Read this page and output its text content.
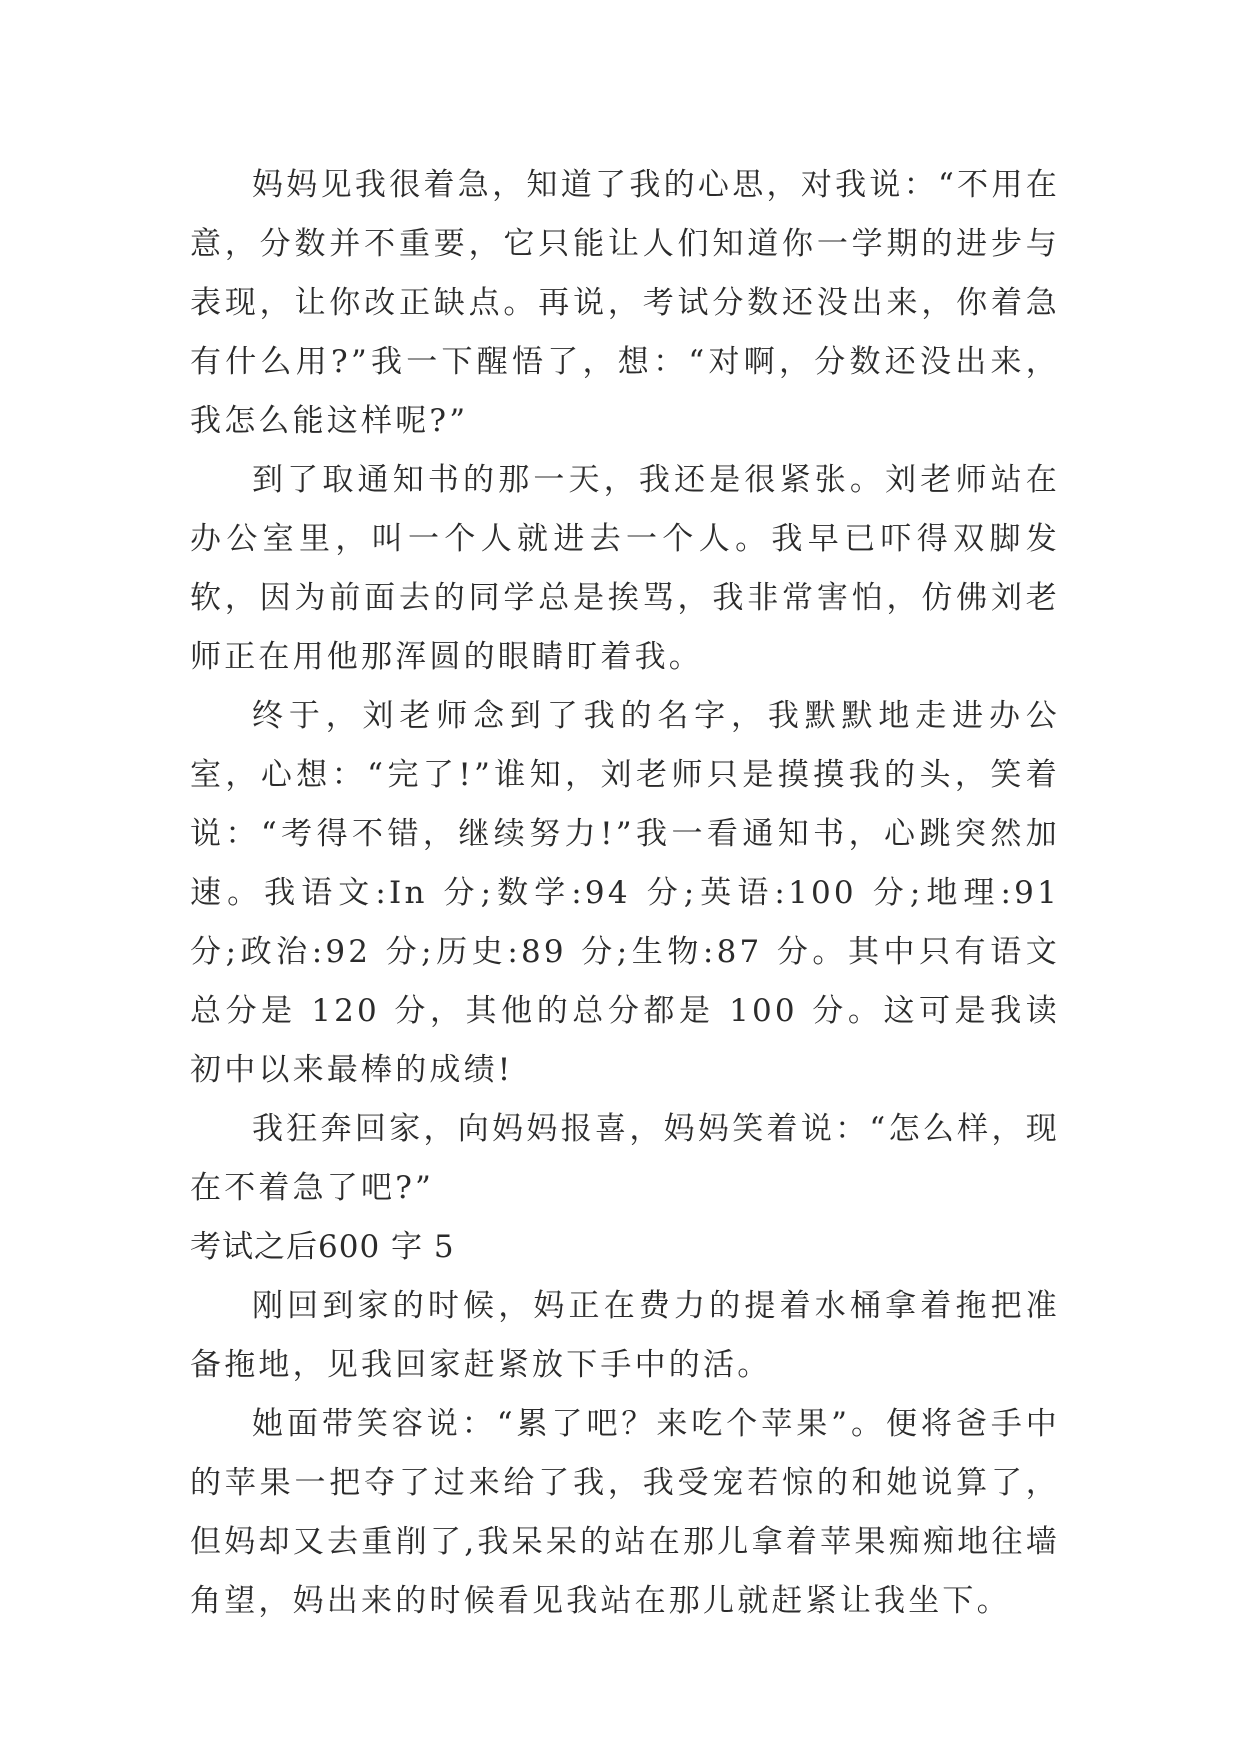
妈妈见我很着急，知道了我的心思，对我说：“不用在意，分数并不重要，它只能让人们知道你一学期的进步与表现，让你改正缺点。再说，考试分数还没出来，你着急有什么用?”我一下醒悟了，想：“对啊，分数还没出来，我怎么能这样呢?”

到了取通知书的那一天，我还是很紧张。刘老师站在办公室里，叫一个人就进去一个人。我早已吓得双脚发软，因为前面去的同学总是挨骂，我非常害怕，仿佛刘老师正在用他那浑圆的眼睛盯着我。

终于，刘老师念到了我的名字，我默默地走进办公室，心想：“完了!”谁知，刘老师只是摸摸我的头，笑着说：“考得不错，继续努力!”我一看通知书，心跳突然加速。我语文:In 分;数学:94 分;英语:100 分;地理:91 分;政治:92 分;历史:89 分;生物:87 分。其中只有语文总分是 120 分，其他的总分都是 100 分。这可是我读初中以来最棒的成绩!

我狂奔回家，向妈妈报喜，妈妈笑着说：“怎么样，现在不着急了吧?”

考试之后600 字 5

刚回到家的时候，妈正在费力的提着水桶拿着拖把准备拖地，见我回家赶紧放下手中的活。

她面带笑容说：“累了吧？来吃个苹果”。便将爸手中的苹果一把夺了过来给了我，我受宠若惊的和她说算了，但妈却又去重削了,我呆呆的站在那儿拿着苹果痴痴地往墙角望，妈出来的时候看见我站在那儿就赶紧让我坐下。
